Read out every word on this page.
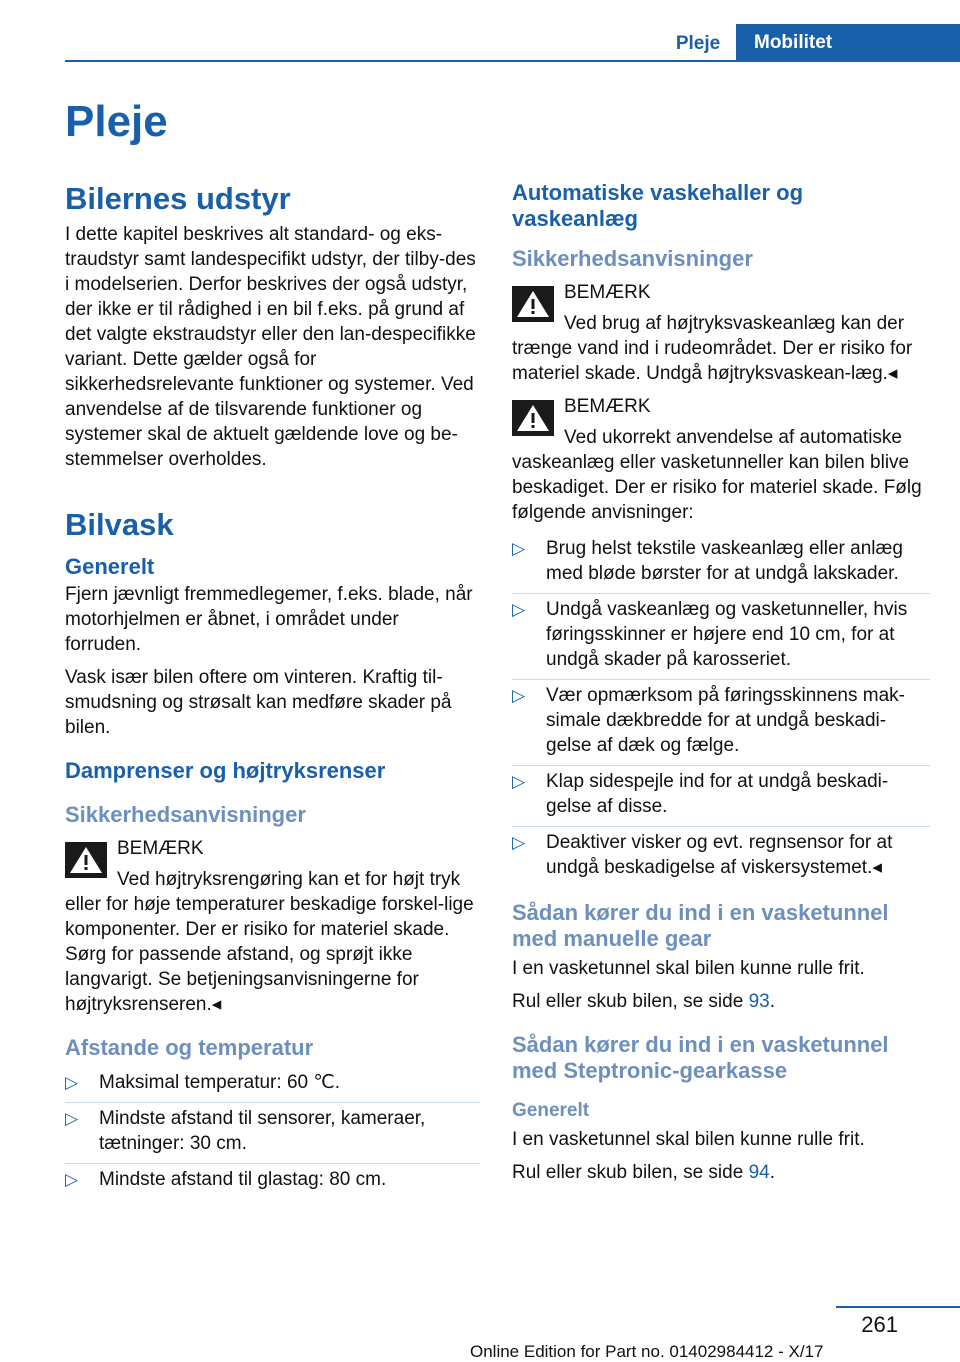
Pleje	Mobilitet
Pleje
Bilernes udstyr

I dette kapitel beskrives alt standard- og eks-traudstyr samt landespecifikt udstyr, der tilby-des i modelserien. Derfor beskrives der også udstyr, der ikke er til rådighed i en bil f.eks. på grund af det valgte ekstraudstyr eller den lan-despecifikke variant. Dette gælder også for sikkerhedsrelevante funktioner og systemer. Ved anvendelse af de tilsvarende funktioner og systemer skal de aktuelt gældende love og be-stemmelser overholdes.

Bilvask
Generelt

Fjern jævnligt fremmedlegemer, f.eks. blade, når motorhjelmen er åbnet, i området under forruden.

Vask især bilen oftere om vinteren. Kraftig til-smudsning og strøsalt kan medføre skader på bilen.

Damprenser og højtryksrenser
Sikkerhedsanvisninger

BEMÆRK

Ved højtryksrengøring kan et for højt tryk eller for høje temperaturer beskadige forskel-lige komponenter. Der er risiko for materiel skade. Sørg for passende afstand, og sprøjt ikke langvarigt. Se betjeningsanvisningerne for højtryksrenseren.◂

Afstande og temperatur
▷ Maksimal temperatur: 60 ℃.
▷ Mindste afstand til sensorer, kameraer, tætninger: 30 cm.
▷ Mindste afstand til glastag: 80 cm.
Automatiske vaskehaller og vaskeanlæg
Sikkerhedsanvisninger

BEMÆRK

Ved brug af højtryksvaskeanlæg kan der trænge vand ind i rudeområdet. Der er risiko for materiel skade. Undgå højtryksvaskean-læg.◂

BEMÆRK

Ved ukorrekt anvendelse af automatiske vaskeanlæg eller vasketunneller kan bilen blive beskadiget. Der er risiko for materiel skade. Følg følgende anvisninger:

▷ Brug helst tekstile vaskeanlæg eller anlæg med bløde børster for at undgå lakskader.
▷ Undgå vaskeanlæg og vasketunneller, hvis føringsskinner er højere end 10 cm, for at undgå skader på karosseriet.
▷ Vær opmærksom på føringsskinnens mak-simale dækbredde for at undgå beskadi-gelse af dæk og fælge.
▷ Klap sidespejle ind for at undgå beskadi-gelse af disse.
▷ Deaktiver visker og evt. regnsensor for at undgå beskadigelse af viskersystemet.◂
Sådan kører du ind i en vasketunnel med manuelle gear

I en vasketunnel skal bilen kunne rulle frit.

Rul eller skub bilen, se side 93.

Sådan kører du ind i en vasketunnel med Steptronic-gearkasse
Generelt

I en vasketunnel skal bilen kunne rulle frit.

Rul eller skub bilen, se side 94.

261
Online Edition for Part no. 01402984412 - X/17
